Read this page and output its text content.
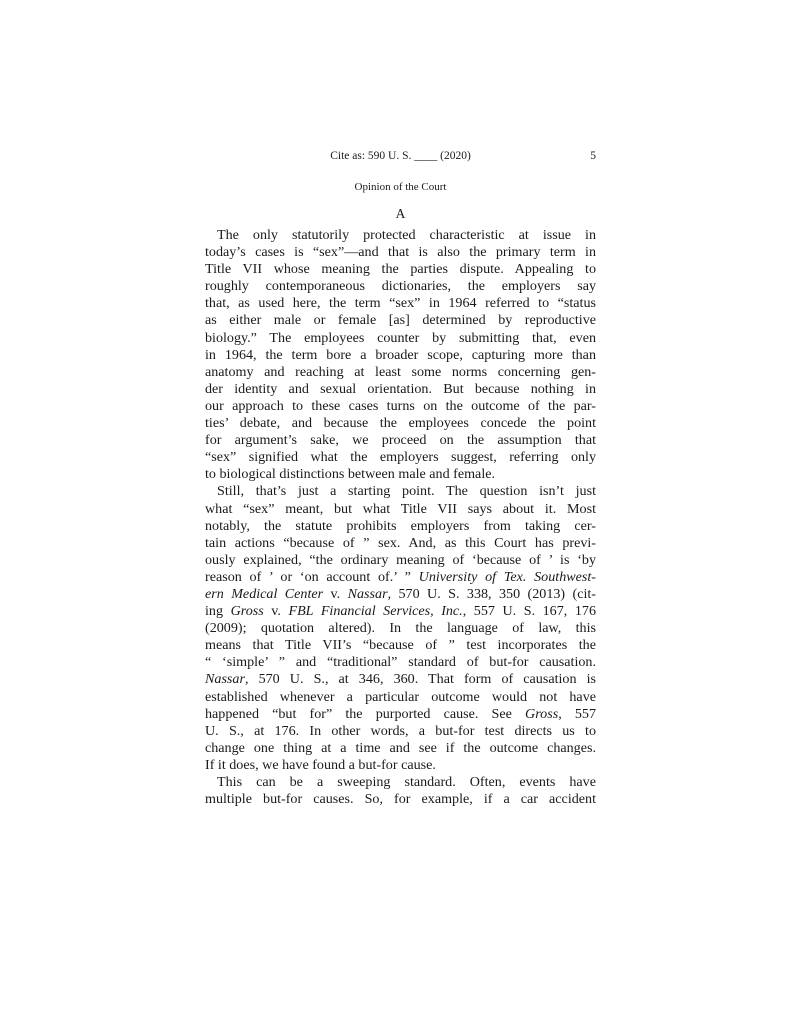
Cite as: 590 U. S. ____ (2020)	5
Opinion of the Court
A
The only statutorily protected characteristic at issue in
today’s cases is “sex”—and that is also the primary term in
Title VII whose meaning the parties dispute. Appealing to
roughly contemporaneous dictionaries, the employers say
that, as used here, the term “sex” in 1964 referred to “status
as either male or female [as] determined by reproductive
biology.” The employees counter by submitting that, even
in 1964, the term bore a broader scope, capturing more than
anatomy and reaching at least some norms concerning gen-
der identity and sexual orientation. But because nothing in
our approach to these cases turns on the outcome of the par-
ties’ debate, and because the employees concede the point
for argument’s sake, we proceed on the assumption that
“sex” signified what the employers suggest, referring only
to biological distinctions between male and female.
Still, that’s just a starting point. The question isn’t just
what “sex” meant, but what Title VII says about it. Most
notably, the statute prohibits employers from taking cer-
tain actions “because of ” sex. And, as this Court has previ-
ously explained, “the ordinary meaning of ‘because of ’ is ‘by
reason of ’ or ‘on account of.’ ” University of Tex. Southwest-
ern Medical Center v. Nassar, 570 U. S. 338, 350 (2013) (cit-
ing Gross v. FBL Financial Services, Inc., 557 U. S. 167, 176
(2009); quotation altered). In the language of law, this
means that Title VII’s “because of ” test incorporates the
“ ‘simple’ ” and “traditional” standard of but-for causation.
Nassar, 570 U. S., at 346, 360. That form of causation is
established whenever a particular outcome would not have
happened “but for” the purported cause. See Gross, 557
U. S., at 176. In other words, a but-for test directs us to
change one thing at a time and see if the outcome changes.
If it does, we have found a but-for cause.
This can be a sweeping standard. Often, events have
multiple but-for causes. So, for example, if a car accident
